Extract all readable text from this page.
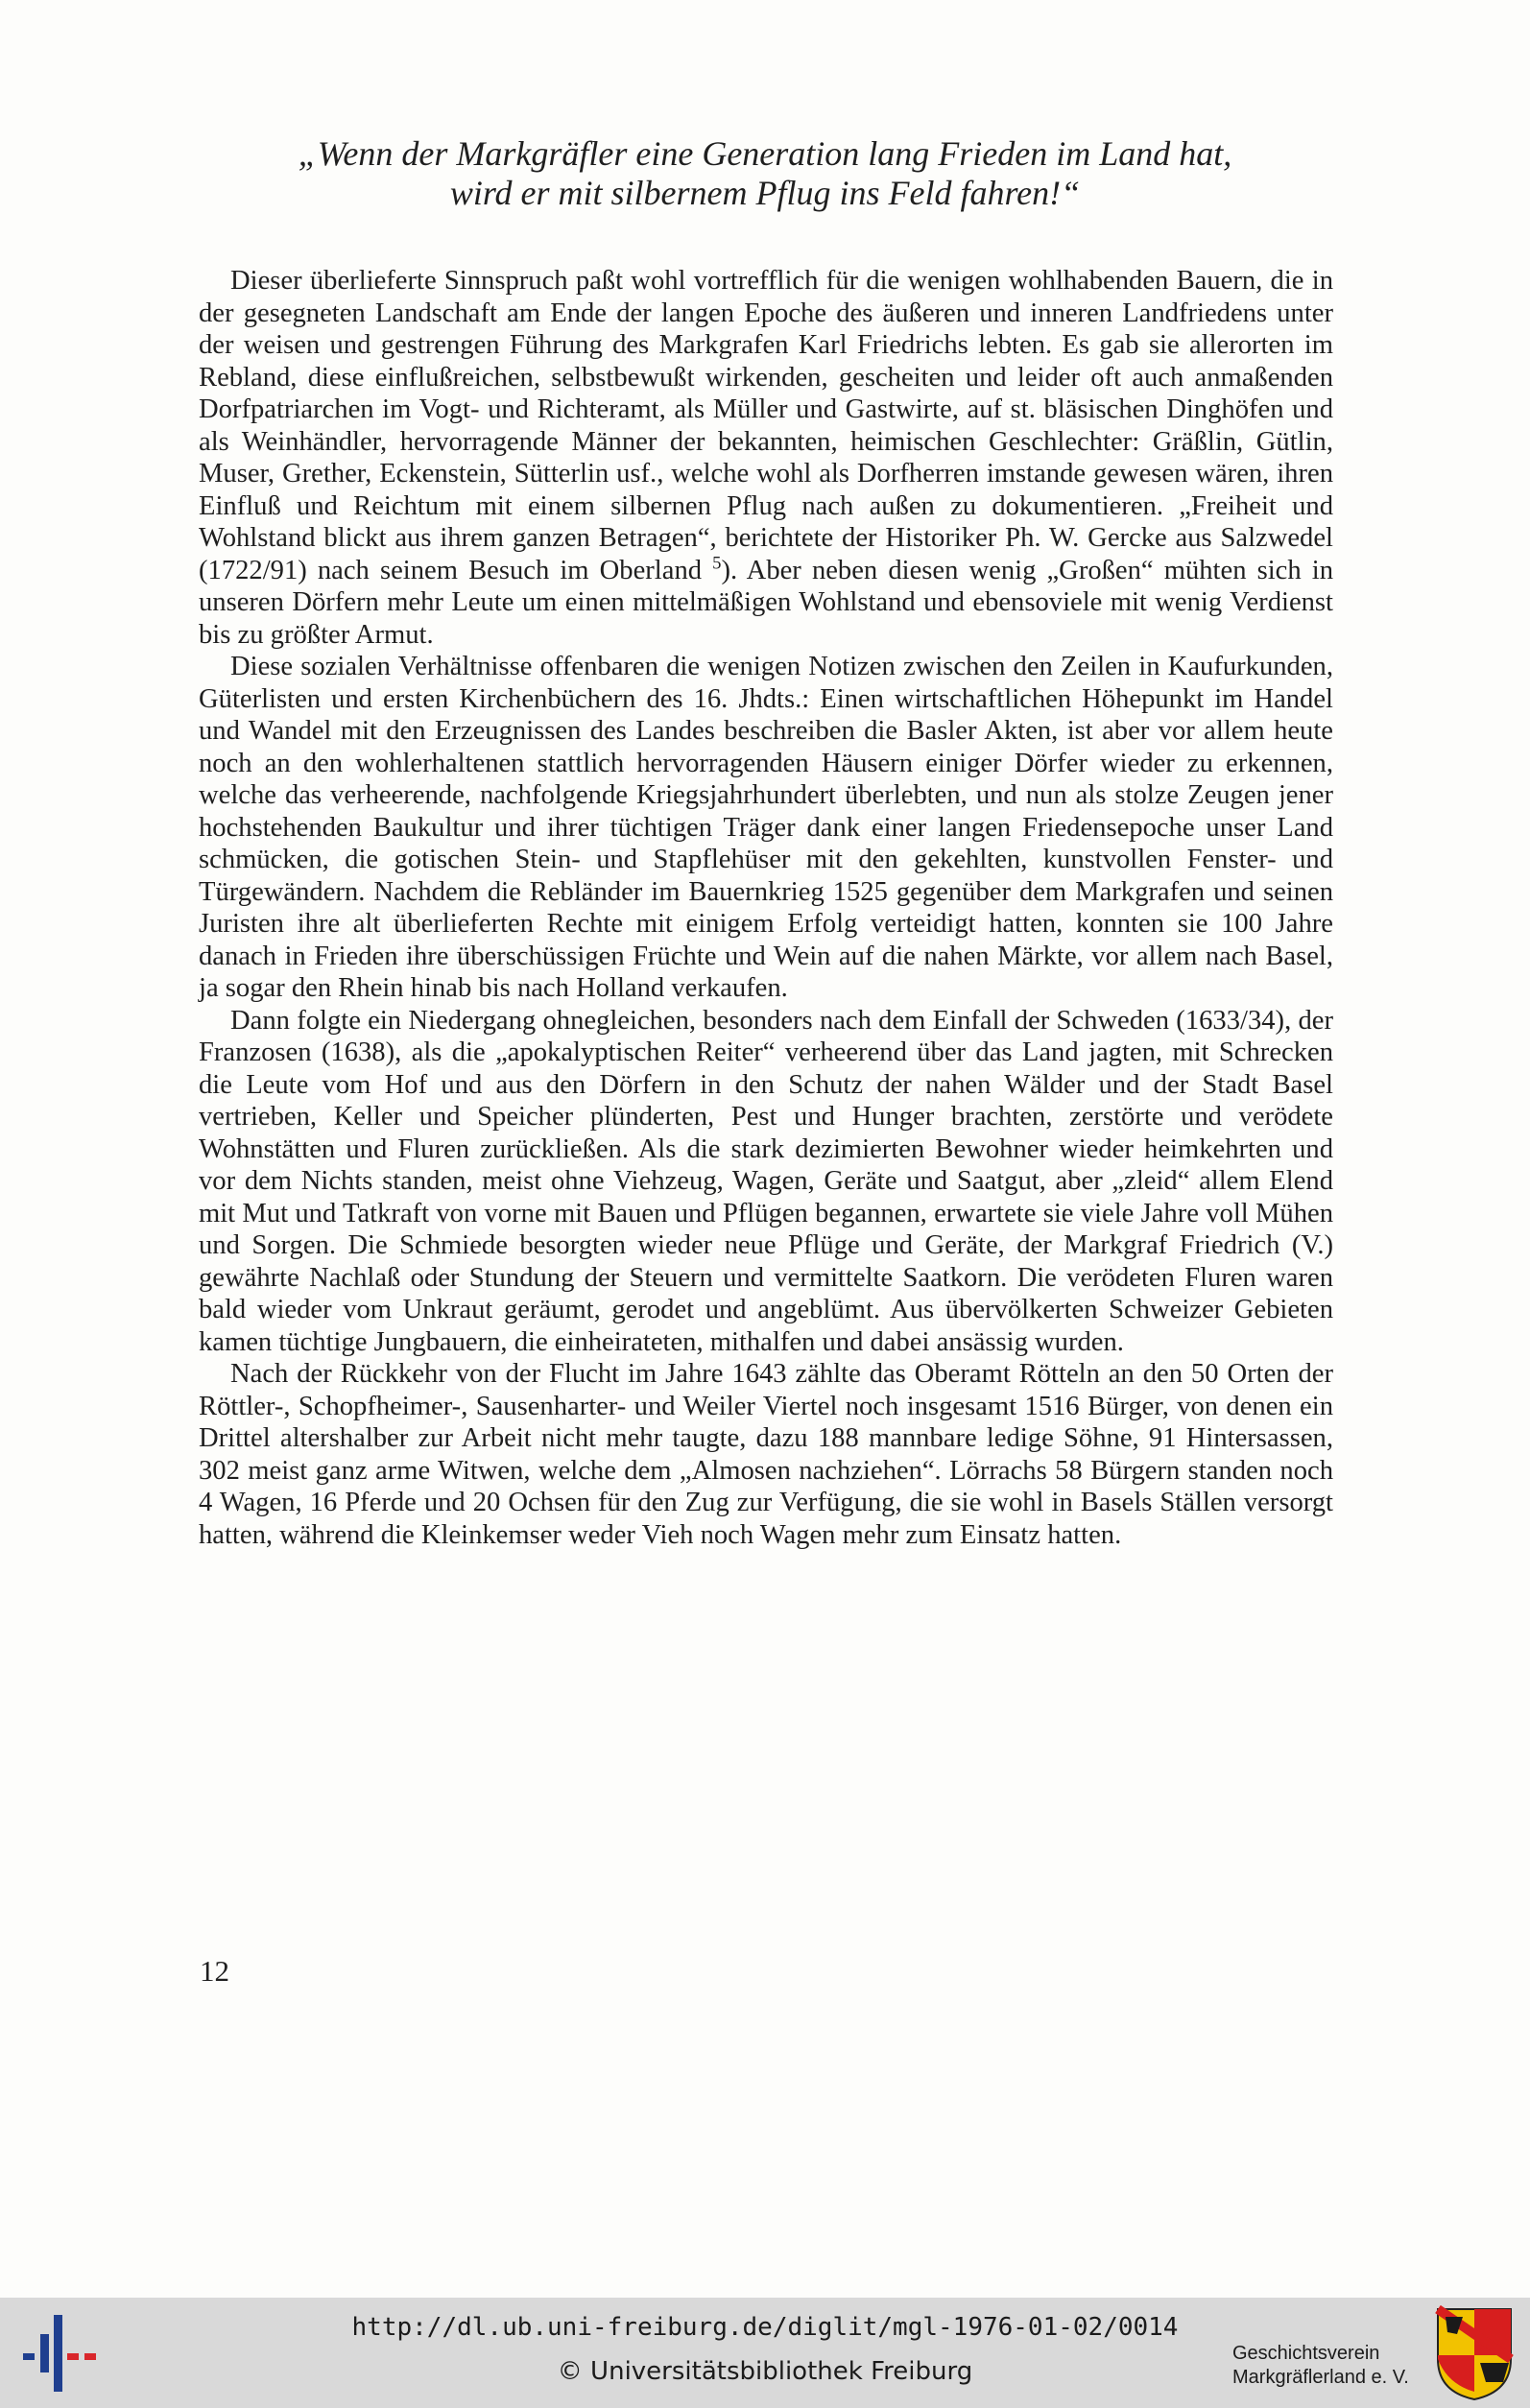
„Wenn der Markgräfler eine Generation lang Frieden im Land hat,
wird er mit silbernem Pflug ins Feld fahren!“

Dieser überlieferte Sinnspruch paßt wohl vortrefflich für die wenigen wohlhabenden Bauern, die in der gesegneten Landschaft am Ende der langen Epoche des äußeren und inneren Landfriedens unter der weisen und gestrengen Führung des Markgrafen Karl Friedrichs lebten. Es gab sie allerorten im Rebland, diese einflußreichen, selbstbewußt wirkenden, gescheiten und leider oft auch anmaßenden Dorfpatriarchen im Vogt- und Richteramt, als Müller und Gastwirte, auf st. bläsischen Dinghöfen und als Weinhändler, hervorragende Männer der bekannten, heimischen Geschlechter: Gräßlin, Gütlin, Muser, Grether, Eckenstein, Sütterlin usf., welche wohl als Dorfherren imstande gewesen wären, ihren Einfluß und Reichtum mit einem silbernen Pflug nach außen zu dokumentieren. „Freiheit und Wohlstand blickt aus ihrem ganzen Betragen“, berichtete der Historiker Ph. W. Gercke aus Salzwedel (1722/91) nach seinem Besuch im Oberland $^5$). Aber neben diesen wenig „Großen“ mühten sich in unseren Dörfern mehr Leute um einen mittelmäßigen Wohlstand und ebensoviele mit wenig Verdienst bis zu größter Armut.

Diese sozialen Verhältnisse offenbaren die wenigen Notizen zwischen den Zeilen in Kaufurkunden, Güterlisten und ersten Kirchenbüchern des 16. Jhdts.: Einen wirtschaftlichen Höhepunkt im Handel und Wandel mit den Erzeugnissen des Landes beschreiben die Basler Akten, ist aber vor allem heute noch an den wohlerhaltenen stattlich hervorragenden Häusern einiger Dörfer wieder zu erkennen, welche das verheerende, nachfolgende Kriegsjahrhundert überlebten, und nun als stolze Zeugen jener hochstehenden Baukultur und ihrer tüchtigen Träger dank einer langen Friedensepoche unser Land schmücken, die gotischen Stein- und Stapflehüser mit den gekehlten, kunstvollen Fenster- und Türgewändern. Nachdem die Rebländer im Bauernkrieg 1525 gegenüber dem Markgrafen und seinen Juristen ihre alt überlieferten Rechte mit einigem Erfolg verteidigt hatten, konnten sie 100 Jahre danach in Frieden ihre überschüssigen Früchte und Wein auf die nahen Märkte, vor allem nach Basel, ja sogar den Rhein hinab bis nach Holland verkaufen.

Dann folgte ein Niedergang ohnegleichen, besonders nach dem Einfall der Schweden (1633/34), der Franzosen (1638), als die „apokalyptischen Reiter“ verheerend über das Land jagten, mit Schrecken die Leute vom Hof und aus den Dörfern in den Schutz der nahen Wälder und der Stadt Basel vertrieben, Keller und Speicher plünderten, Pest und Hunger brachten, zerstörte und verödete Wohnstätten und Fluren zurückließen. Als die stark dezimierten Bewohner wieder heimkehrten und vor dem Nichts standen, meist ohne Viehzeug, Wagen, Geräte und Saatgut, aber „zleid“ allem Elend mit Mut und Tatkraft von vorne mit Bauen und Pflügen begannen, erwartete sie viele Jahre voll Mühen und Sorgen. Die Schmiede besorgten wieder neue Pflüge und Geräte, der Markgraf Friedrich (V.) gewährte Nachlaß oder Stundung der Steuern und vermittelte Saatkorn. Die verödeten Fluren waren bald wieder vom Unkraut geräumt, gerodet und angeblümt. Aus übervölkerten Schweizer Gebieten kamen tüchtige Jungbauern, die einheirateten, mithalfen und dabei ansässig wurden.

Nach der Rückkehr von der Flucht im Jahre 1643 zählte das Oberamt Rötteln an den 50 Orten der Röttler-, Schopfheimer-, Sausenharter- und Weiler Viertel noch insgesamt 1516 Bürger, von denen ein Drittel altershalber zur Arbeit nicht mehr taugte, dazu 188 mannbare ledige Söhne, 91 Hintersassen, 302 meist ganz arme Witwen, welche dem „Almosen nachziehen“. Lörrachs 58 Bürgern standen noch 4 Wagen, 16 Pferde und 20 Ochsen für den Zug zur Verfügung, die sie wohl in Basels Ställen versorgt hatten, während die Kleinkemser weder Vieh noch Wagen mehr zum Einsatz hatten.

12
http://dl.ub.uni-freiburg.de/diglit/mgl-1976-01-02/0014
© Universitätsbibliothek Freiburg
Geschichtsverein
Markgräflerland e. V.
